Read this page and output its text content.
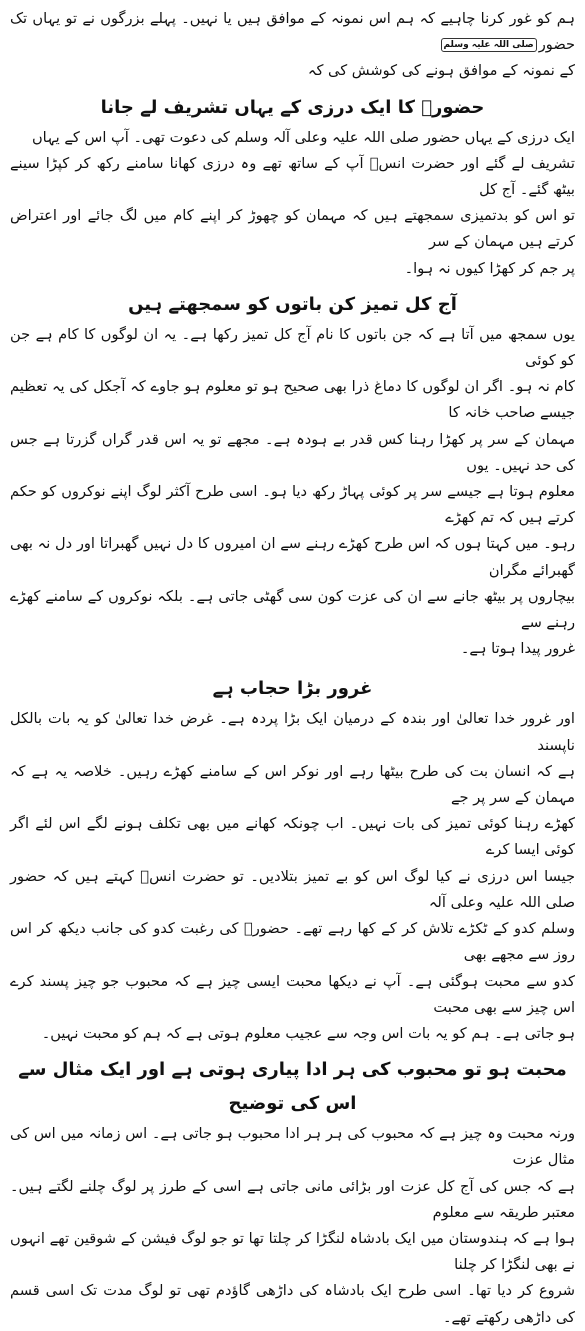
ہم کو غور کرنا چاہیے کہ ہم اس نمونہ کے موافق ہیں یا نہیں۔ پہلے بزرگوں نے تو یہاں تک حضورصلی اللہ علیہ وسلم

کے نمونہ کے موافق ہونے کی کوشش کی کہ

حضورؐ کا ایک درزی کے یہاں تشریف لے جانا

ایک درزی کے یہاں حضور صلی اللہ علیہ وعلی آلہ وسلم کی دعوت تھی۔ آپ اس کے یہاں

تشریف لے گئے اور حضرت انسؓ آپ کے ساتھ تھے وہ درزی کھانا سامنے رکھ کر کپڑا سینے بیٹھ گئے۔ آج کل

تو اس کو بدتمیزی سمجھتے ہیں کہ مہمان کو چھوڑ کر اپنے کام میں لگ جائے اور اعتراض کرتے ہیں مہمان کے سر

پر جم کر کھڑا کیوں نہ ہوا۔

آج کل تمیز کن باتوں کو سمجھتے ہیں

یوں سمجھ میں آتا ہے کہ جن باتوں کا نام آج کل تمیز رکھا ہے۔ یہ ان لوگوں کا کام ہے جن کو کوئی

کام نہ ہو۔ اگر ان لوگوں کا دماغ ذرا بھی صحیح ہو تو معلوم ہو جاوے کہ آجکل کی یہ تعظیم جیسے صاحب خانہ کا

مہمان کے سر پر کھڑا رہنا کس قدر بے ہودہ ہے۔ مجھے تو یہ اس قدر گراں گزرتا ہے جس کی حد نہیں۔ یوں

معلوم ہوتا ہے جیسے سر پر کوئی پہاڑ رکھ دیا ہو۔ اسی طرح آکثر لوگ اپنے نوکروں کو حکم کرتے ہیں کہ تم کھڑے

رہو۔ میں کہتا ہوں کہ اس طرح کھڑے رہنے سے ان امیروں کا دل نہیں گھبراتا اور دل نہ بھی گھبرائے مگران

بیچاروں پر بیٹھ جانے سے ان کی عزت کون سی گھٹی جاتی ہے۔ بلکہ نوکروں کے سامنے کھڑے رہنے سے

غرور پیدا ہوتا ہے۔

غرور بڑا حجاب ہے

اور غرور خدا تعالیٰ اور بندہ کے درمیان ایک بڑا پردہ ہے۔ غرض خدا تعالیٰ کو یہ بات بالکل ناپسند

ہے کہ انسان بت کی طرح بیٹھا رہے اور نوکر اس کے سامنے کھڑے رہیں۔ خلاصہ یہ ہے کہ مہمان کے سر پر جے

کھڑے رہنا کوئی تمیز کی بات نہیں۔ اب چونکہ کھانے میں بھی تکلف ہونے لگے اس لئے اگر کوئی ایسا کرے

جیسا اس درزی نے کیا لوگ اس کو بے تمیز بتلادیں۔ تو حضرت انسؓ کہتے ہیں کہ حضور صلی اللہ علیہ وعلی آلہ

وسلم کدو کے ٹکڑے تلاش کر کے کھا رہے تھے۔ حضورؐ کی رغبت کدو کی جانب دیکھ کر اس روز سے مجھے بھی

کدو سے محبت ہوگئی ہے۔ آپ نے دیکھا محبت ایسی چیز ہے کہ محبوب جو چیز پسند کرے اس چیز سے بھی محبت

ہو جاتی ہے۔ ہم کو یہ بات اس وجہ سے عجیب معلوم ہوتی ہے کہ ہم کو محبت نہیں۔

محبت ہو تو محبوب کی ہر ادا پیاری ہوتی ہے اور ایک مثال سے اس کی توضیح

ورنہ محبت وہ چیز ہے کہ محبوب کی ہر ہر ادا محبوب ہو جاتی ہے۔ اس زمانہ میں اس کی مثال عزت

ہے کہ جس کی آج کل عزت اور بڑائی مانی جاتی ہے اسی کے طرز پر لوگ چلنے لگتے ہیں۔ معتبر طریقہ سے معلوم

ہوا ہے کہ ہندوستان میں ایک بادشاہ لنگڑا کر چلتا تھا تو جو لوگ فیشن کے شوقین تھے انہوں نے بھی لنگڑا کر چلنا

شروع کر دیا تھا۔ اسی طرح ایک بادشاہ کی داڑھی گاؤدم تھی تو لوگ مدت تک اسی قسم کی داڑھی رکھتے تھے۔
